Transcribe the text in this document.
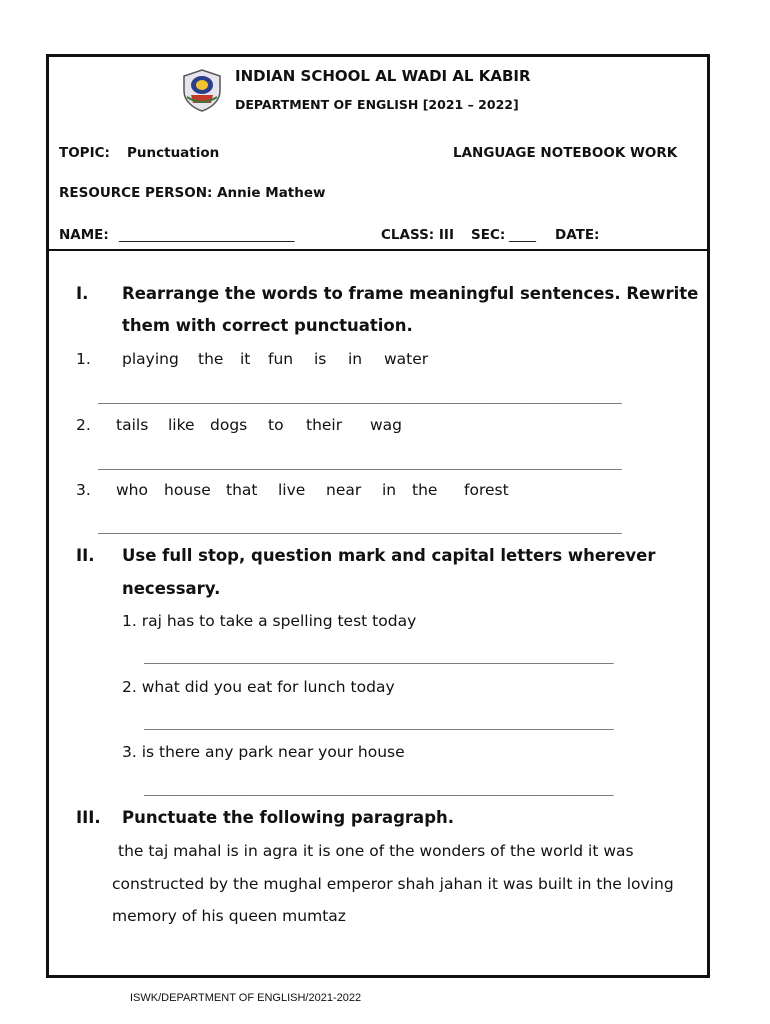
INDIAN SCHOOL AL WADI AL KABIR
DEPARTMENT OF ENGLISH [2021 – 2022]
TOPIC: Punctuation	LANGUAGE NOTEBOOK WORK
RESOURCE PERSON: Annie Mathew
NAME: ____________________________	CLASS: III SEC: ____ DATE:
I. Rearrange the words to frame meaningful sentences. Rewrite
them with correct punctuation.
1. playing the it fun is in water
__________________________________________________________
2. tails like dogs to their wag
__________________________________________________________
3. who house that live near in the forest
__________________________________________________________
II. Use full stop, question mark and capital letters wherever
necessary.
1. raj has to take a spelling test today
____________________________________________________
2. what did you eat for lunch today
____________________________________________________
3. is there any park near your house
____________________________________________________
III. Punctuate the following paragraph.
the taj mahal is in agra it is one of the wonders of the world it was
constructed by the mughal emperor shah jahan it was built in the loving
memory of his queen mumtaz
ISWK/DEPARTMENT OF ENGLISH/2021-2022
